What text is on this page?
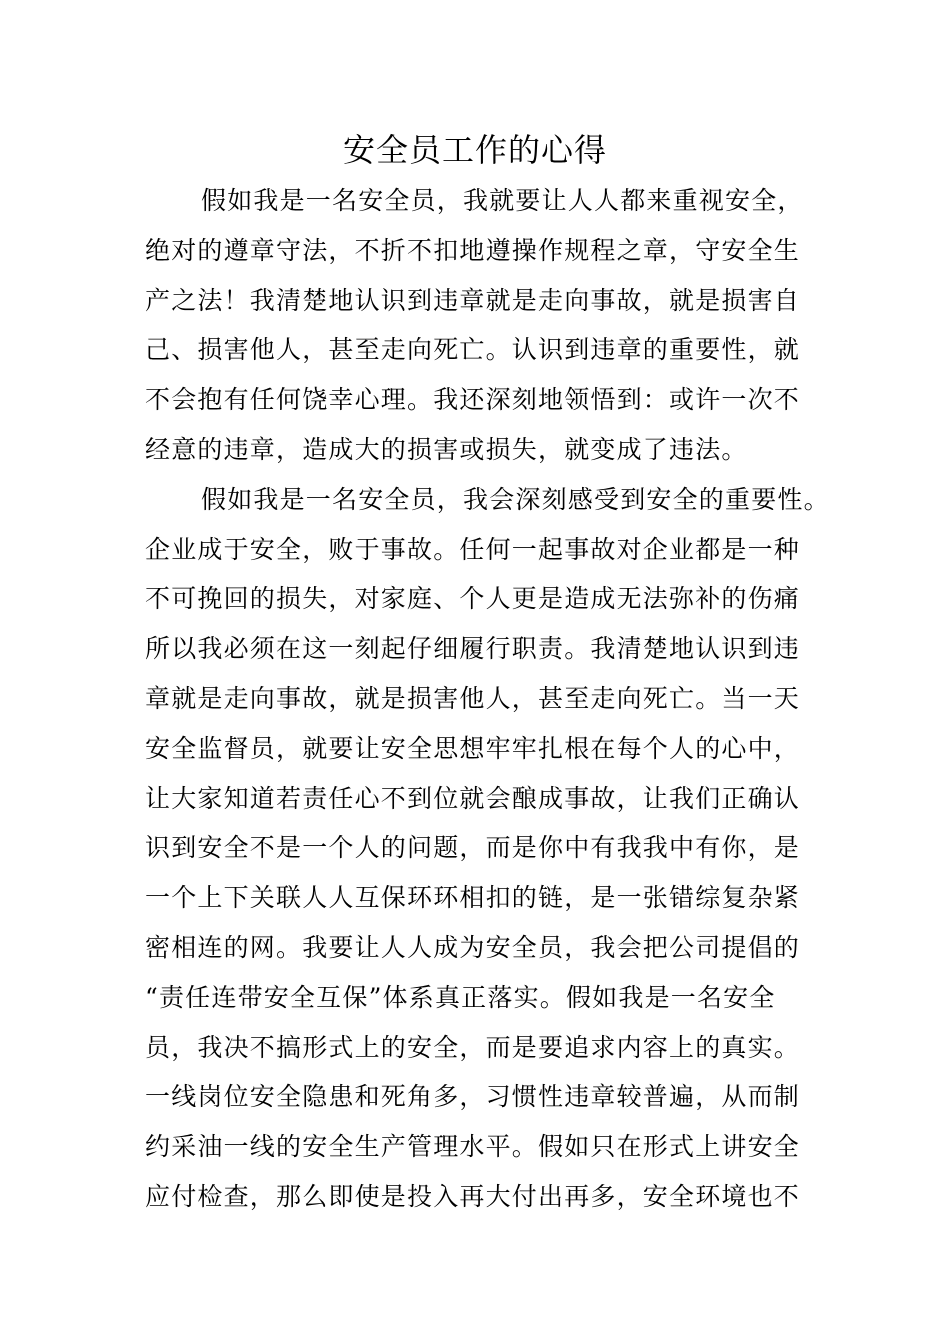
安全员工作的心得
假如我是一名安全员，我就要让人人都来重视安全，
绝对的遵章守法，不折不扣地遵操作规程之章，守安全生
产之法！我清楚地认识到违章就是走向事故，就是损害自
己、损害他人，甚至走向死亡。认识到违章的重要性，就
不会抱有任何饶幸心理。我还深刻地领悟到：或许一次不
经意的违章，造成大的损害或损失，就变成了违法。
假如我是一名安全员，我会深刻感受到安全的重要性。
企业成于安全，败于事故。任何一起事故对企业都是一种
不可挽回的损失，对家庭、个人更是造成无法弥补的伤痛
所以我必须在这一刻起仔细履行职责。我清楚地认识到违
章就是走向事故，就是损害他人，甚至走向死亡。当一天
安全监督员，就要让安全思想牢牢扎根在每个人的心中，
让大家知道若责任心不到位就会酿成事故，让我们正确认
识到安全不是一个人的问题，而是你中有我我中有你，是
一个上下关联人人互保环环相扣的链，是一张错综复杂紧
密相连的网。我要让人人成为安全员，我会把公司提倡的
“责任连带安全互保”体系真正落实。假如我是一名安全
员，我决不搞形式上的安全，而是要追求内容上的真实。
一线岗位安全隐患和死角多，习惯性违章较普遍，从而制
约采油一线的安全生产管理水平。假如只在形式上讲安全
应付检查，那么即使是投入再大付出再多，安全环境也不
